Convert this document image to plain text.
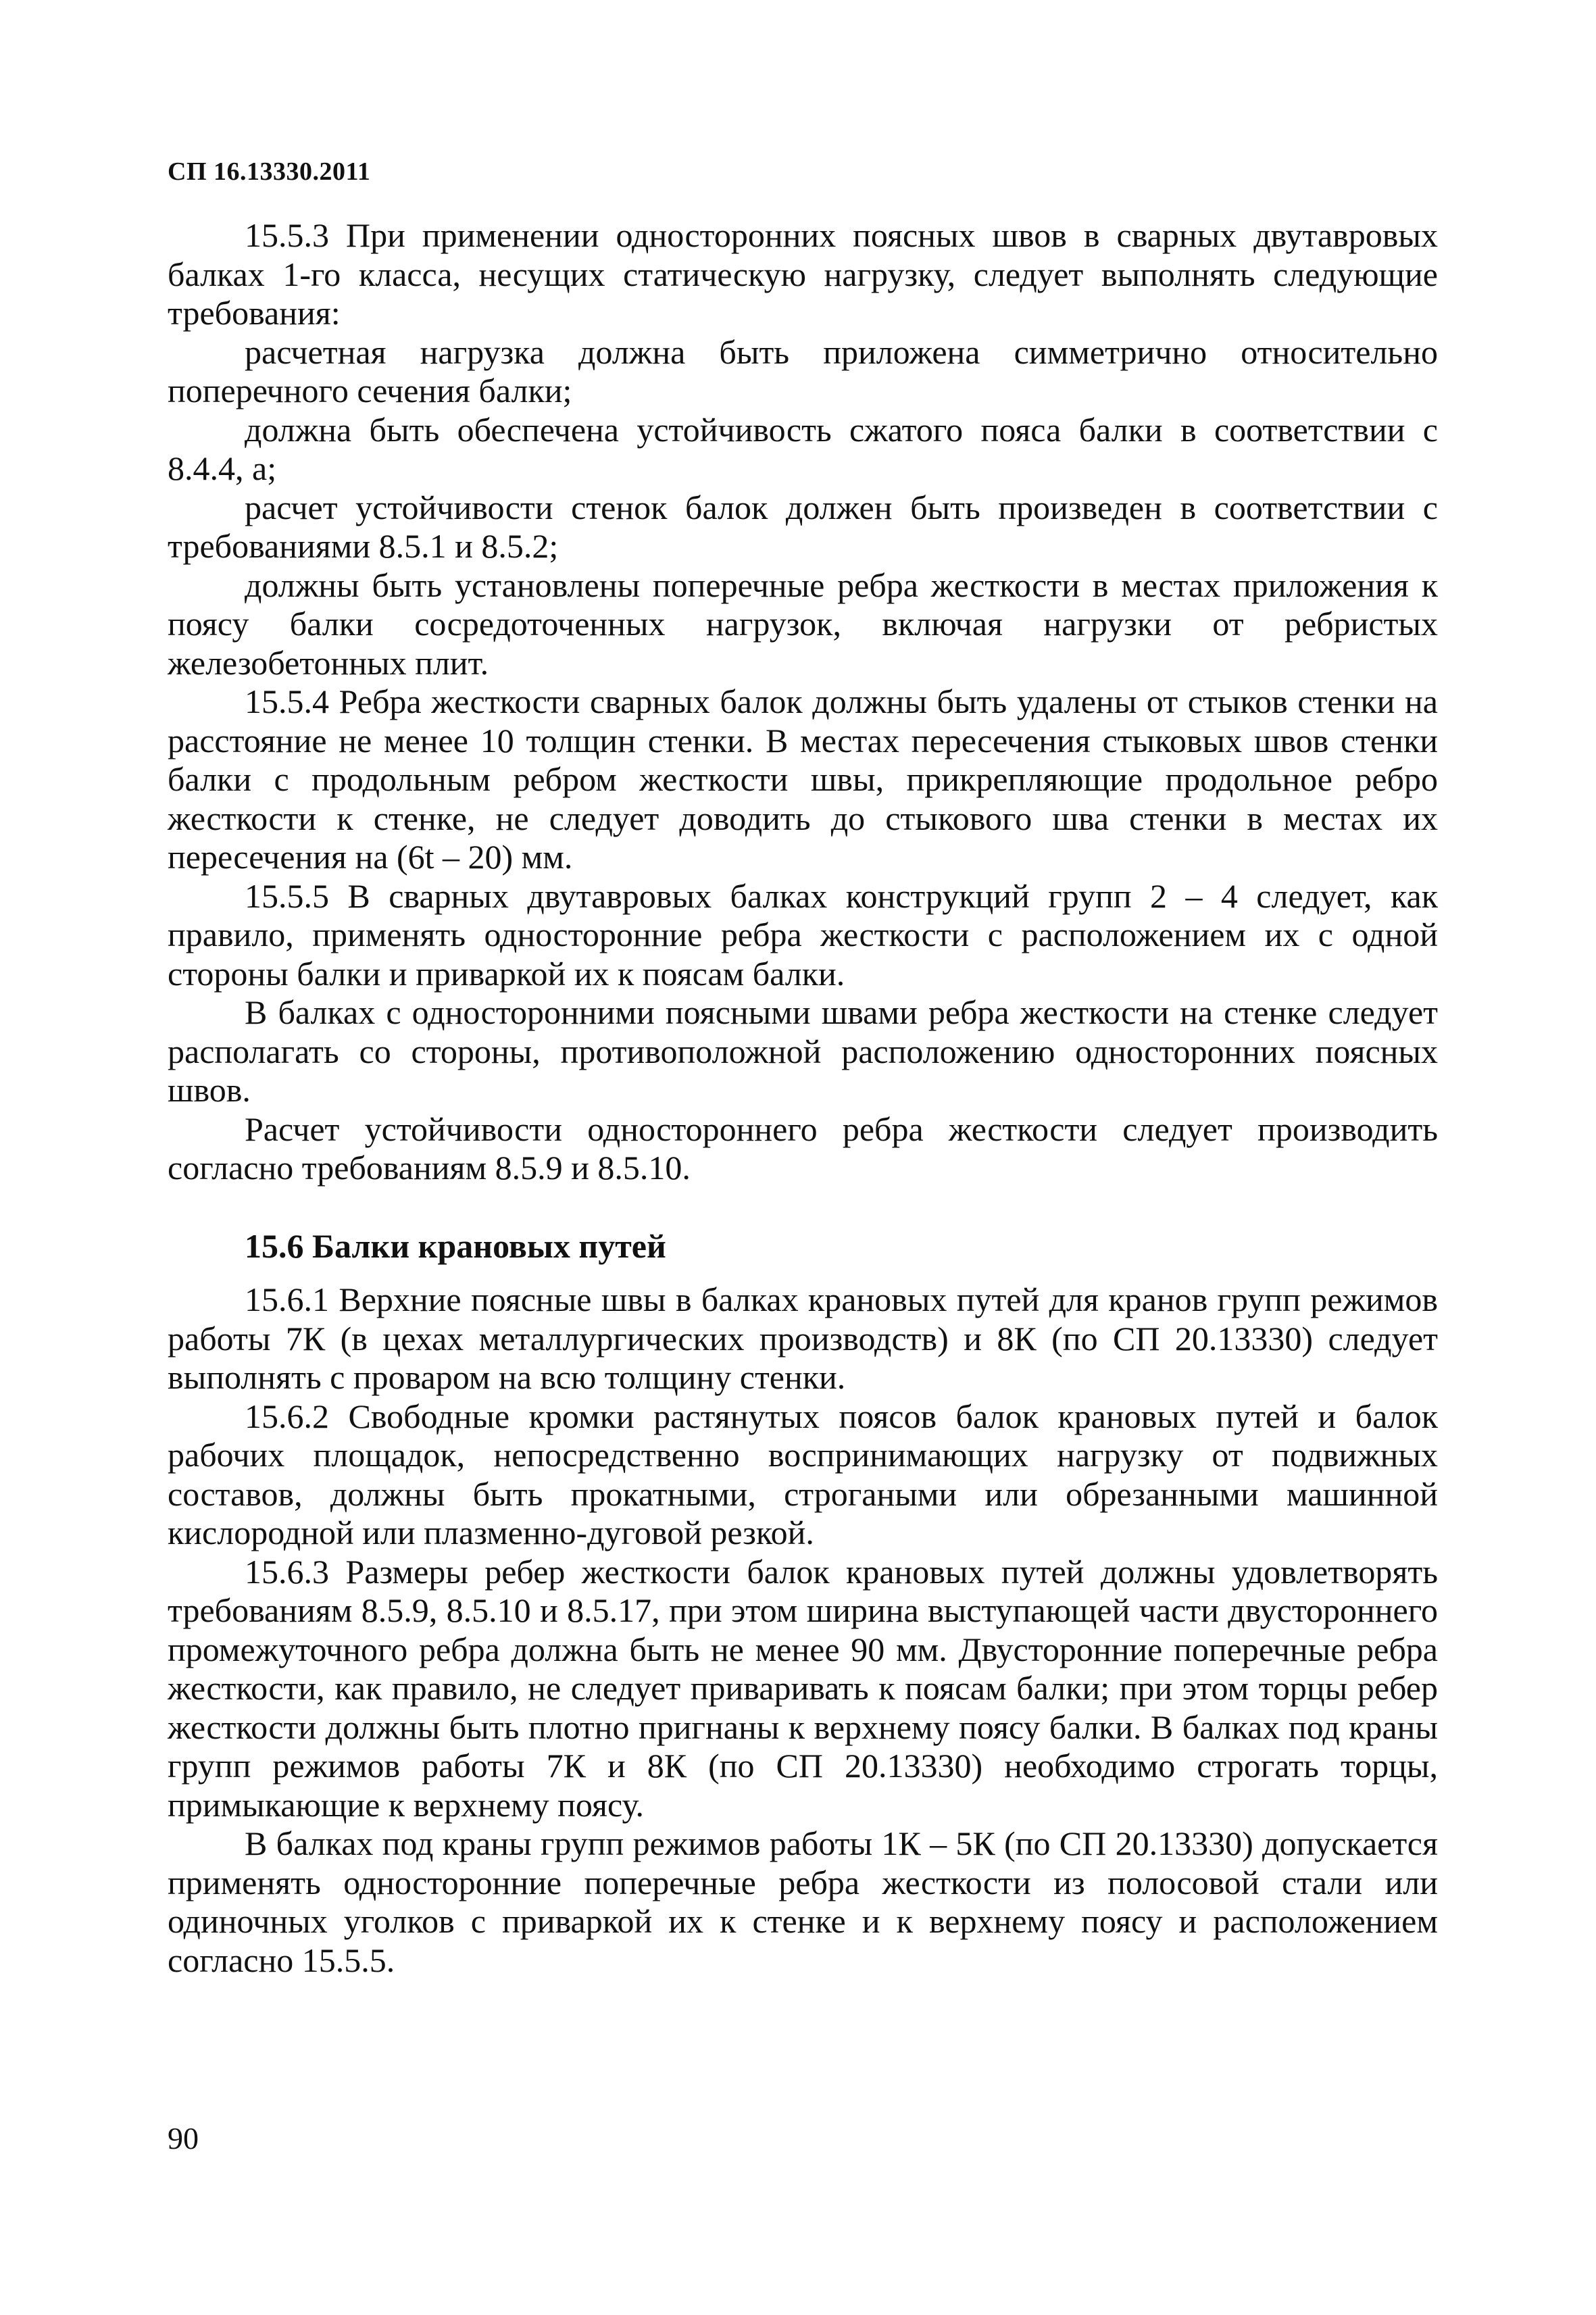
СП 16.13330.2011

15.5.3 При применении односторонних поясных швов в сварных двутавровых балках 1-го класса, несущих статическую нагрузку, следует выполнять следующие требования:

расчетная нагрузка должна быть приложена симметрично относительно поперечного сечения балки;

должна быть обеспечена устойчивость сжатого пояса балки в соответствии с 8.4.4, а;

расчет устойчивости стенок балок должен быть произведен в соответствии с требованиями 8.5.1 и 8.5.2;

должны быть установлены поперечные ребра жесткости в местах приложения к поясу балки сосредоточенных нагрузок, включая нагрузки от ребристых железобетонных плит.

15.5.4 Ребра жесткости сварных балок должны быть удалены от стыков стенки на расстояние не менее 10 толщин стенки. В местах пересечения стыковых швов стенки балки с продольным ребром жесткости швы, прикрепляющие продольное ребро жесткости к стенке, не следует доводить до стыкового шва стенки в местах их пересечения на (6t – 20) мм.

15.5.5 В сварных двутавровых балках конструкций групп 2 – 4 следует, как правило, применять односторонние ребра жесткости с расположением их с одной стороны балки и приваркой их к поясам балки.

В балках с односторонними поясными швами ребра жесткости на стенке следует располагать со стороны, противоположной расположению односторонних поясных швов.

Расчет устойчивости одностороннего ребра жесткости следует производить согласно требованиям 8.5.9 и 8.5.10.

15.6 Балки крановых путей

15.6.1 Верхние поясные швы в балках крановых путей для кранов групп режимов работы 7К (в цехах металлургических производств) и 8К (по СП 20.13330) следует выполнять с проваром на всю толщину стенки.

15.6.2 Свободные кромки растянутых поясов балок крановых путей и балок рабочих площадок, непосредственно воспринимающих нагрузку от подвижных составов, должны быть прокатными, строгаными или обрезанными машинной кислородной или плазменно-дуговой резкой.

15.6.3 Размеры ребер жесткости балок крановых путей должны удовлетворять требованиям 8.5.9, 8.5.10 и 8.5.17, при этом ширина выступающей части двустороннего промежуточного ребра должна быть не менее 90 мм. Двусторонние поперечные ребра жесткости, как правило, не следует приваривать к поясам балки; при этом торцы ребер жесткости должны быть плотно пригнаны к верхнему поясу балки. В балках под краны групп режимов работы 7К и 8К (по СП 20.13330) необходимо строгать торцы, примыкающие к верхнему поясу.

В балках под краны групп режимов работы 1К – 5К (по СП 20.13330) допускается применять односторонние поперечные ребра жесткости из полосовой стали или одиночных уголков с приваркой их к стенке и к верхнему поясу и расположением согласно 15.5.5.

90
